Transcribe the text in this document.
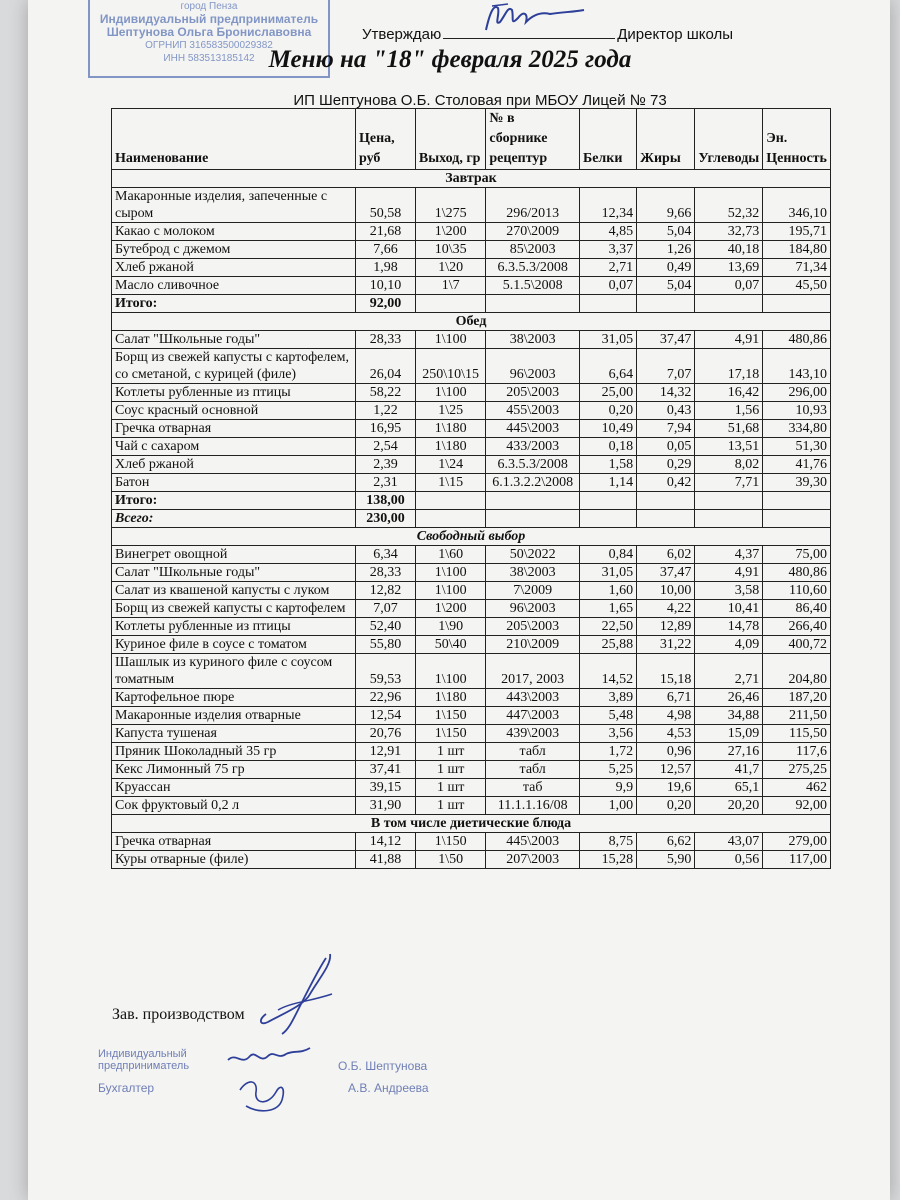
город Пенза
Индивидуальный предприниматель
Шептунова Ольга Брониславовна
ОГРНИП 316583500029382
ИНН 583513185142
Утверждаю	Директор школы
Меню на "18" февраля 2025 года
ИП Шептунова О.Б. Столовая при МБОУ Лицей № 73
Наименование	Цена, руб	Выход, гр	№ в сборнике рецептур	Белки	Жиры	Углеводы	Эн. Ценность
Завтрак							
Макаронные изделия, запеченные с сыром	50,58	1\275	296/2013	12,34	9,66	52,32	346,10
Какао с молоком	21,68	1\200	270\2009	4,85	5,04	32,73	195,71
Бутеброд с джемом	7,66	10\35	85\2003	3,37	1,26	40,18	184,80
Хлеб ржаной	1,98	1\20	6.3.5.3/2008	2,71	0,49	13,69	71,34
Масло сливочное	10,10	1\7	5.1.5\2008	0,07	5,04	0,07	45,50
Итого:	92,00						
Обед							
Салат "Школьные годы"	28,33	1\100	38\2003	31,05	37,47	4,91	480,86
Борщ из свежей капусты с картофелем, со сметаной, с курицей (филе)	26,04	250\10\15	96\2003	6,64	7,07	17,18	143,10
Котлеты рубленные из птицы	58,22	1\100	205\2003	25,00	14,32	16,42	296,00
Соус красный основной	1,22	1\25	455\2003	0,20	0,43	1,56	10,93
Гречка отварная	16,95	1\180	445\2003	10,49	7,94	51,68	334,80
Чай с сахаром	2,54	1\180	433/2003	0,18	0,05	13,51	51,30
Хлеб ржаной	2,39	1\24	6.3.5.3/2008	1,58	0,29	8,02	41,76
Батон	2,31	1\15	6.1.3.2.2\2008	1,14	0,42	7,71	39,30
Итого:	138,00						
Всего:	230,00						
Свободный выбор							
Винегрет овощной	6,34	1\60	50\2022	0,84	6,02	4,37	75,00
Салат "Школьные годы"	28,33	1\100	38\2003	31,05	37,47	4,91	480,86
Салат из квашеной капусты с луком	12,82	1\100	7\2009	1,60	10,00	3,58	110,60
Борщ из свежей капусты с картофелем	7,07	1\200	96\2003	1,65	4,22	10,41	86,40
Котлеты рубленные из птицы	52,40	1\90	205\2003	22,50	12,89	14,78	266,40
Куриное филе в соусе с томатом	55,80	50\40	210\2009	25,88	31,22	4,09	400,72
Шашлык из куриного филе с соусом томатным	59,53	1\100	2017, 2003	14,52	15,18	2,71	204,80
Картофельное пюре	22,96	1\180	443\2003	3,89	6,71	26,46	187,20
Макаронные изделия отварные	12,54	1\150	447\2003	5,48	4,98	34,88	211,50
Капуста тушеная	20,76	1\150	439\2003	3,56	4,53	15,09	115,50
Пряник Шоколадный 35 гр	12,91	1 шт	табл	1,72	0,96	27,16	117,6
Кекс Лимонный 75 гр	37,41	1 шт	табл	5,25	12,57	41,7	275,25
Круассан	39,15	1 шт	таб	9,9	19,6	65,1	462
Сок фруктовый 0,2 л	31,90	1 шт	11.1.1.16/08	1,00	0,20	20,20	92,00
В том числе диетические блюда							
Гречка отварная	14,12	1\150	445\2003	8,75	6,62	43,07	279,00
Куры отварные (филе)	41,88	1\50	207\2003	15,28	5,90	0,56	117,00
Зав. производством
Индивидуальный
предприниматель	О.Б. Шептунова
Бухгалтер	А.В. Андреева
